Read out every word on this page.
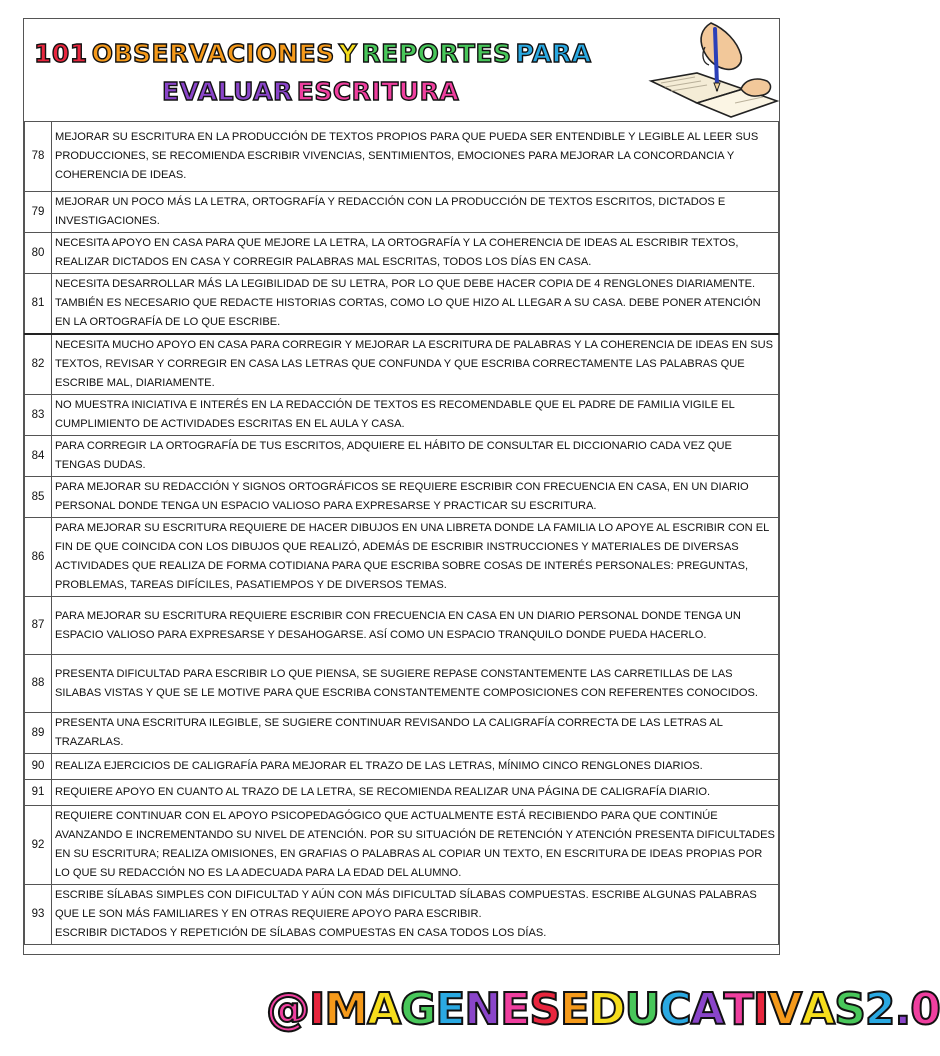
101 OBSERVACIONES Y REPORTES PARA
EVALUAR ESCRITURA
78	MEJORAR SU ESCRITURA EN LA PRODUCCIÓN DE TEXTOS PROPIOS PARA QUE PUEDA SER ENTENDIBLE Y LEGIBLE AL LEER SUS PRODUCCIONES, SE RECOMIENDA ESCRIBIR VIVENCIAS, SENTIMIENTOS, EMOCIONES PARA MEJORAR LA CONCORDANCIA Y COHERENCIA DE IDEAS.
79	MEJORAR UN POCO MÁS LA LETRA, ORTOGRAFÍA Y REDACCIÓN CON LA PRODUCCIÓN DE TEXTOS ESCRITOS, DICTADOS E INVESTIGACIONES.
80	NECESITA APOYO EN CASA PARA QUE MEJORE LA LETRA, LA ORTOGRAFÍA Y LA COHERENCIA DE IDEAS AL ESCRIBIR TEXTOS, REALIZAR DICTADOS EN CASA Y CORREGIR PALABRAS MAL ESCRITAS, TODOS LOS DÍAS EN CASA.
81	NECESITA DESARROLLAR MÁS LA LEGIBILIDAD DE SU LETRA, POR LO QUE DEBE HACER COPIA DE 4 RENGLONES DIARIAMENTE. TAMBIÉN ES NECESARIO QUE REDACTE HISTORIAS CORTAS, COMO LO QUE HIZO AL LLEGAR A SU CASA. DEBE PONER ATENCIÓN EN LA ORTOGRAFÍA DE LO QUE ESCRIBE.
82	NECESITA MUCHO APOYO EN CASA PARA CORREGIR Y MEJORAR LA ESCRITURA DE PALABRAS Y LA COHERENCIA DE IDEAS EN SUS TEXTOS, REVISAR Y CORREGIR EN CASA LAS LETRAS QUE CONFUNDA Y QUE ESCRIBA CORRECTAMENTE LAS PALABRAS QUE ESCRIBE MAL, DIARIAMENTE.
83	NO MUESTRA INICIATIVA E INTERÉS EN LA REDACCIÓN DE TEXTOS ES RECOMENDABLE QUE EL PADRE DE FAMILIA VIGILE EL CUMPLIMIENTO DE ACTIVIDADES ESCRITAS EN EL AULA Y CASA.
84	PARA CORREGIR LA ORTOGRAFÍA DE TUS ESCRITOS, ADQUIERE EL HÁBITO DE CONSULTAR EL DICCIONARIO CADA VEZ QUE TENGAS DUDAS.
85	PARA MEJORAR SU REDACCIÓN Y SIGNOS ORTOGRÁFICOS SE REQUIERE ESCRIBIR CON FRECUENCIA EN CASA, EN UN DIARIO PERSONAL DONDE TENGA UN ESPACIO VALIOSO PARA EXPRESARSE Y PRACTICAR SU ESCRITURA.
86	PARA MEJORAR SU ESCRITURA REQUIERE DE HACER DIBUJOS EN UNA LIBRETA DONDE LA FAMILIA LO APOYE AL ESCRIBIR CON EL FIN DE QUE COINCIDA CON LOS DIBUJOS QUE REALIZÓ, ADEMÁS DE ESCRIBIR INSTRUCCIONES Y MATERIALES DE DIVERSAS ACTIVIDADES QUE REALIZA DE FORMA COTIDIANA PARA QUE ESCRIBA SOBRE COSAS DE INTERÉS PERSONALES: PREGUNTAS, PROBLEMAS, TAREAS DIFÍCILES, PASATIEMPOS Y DE DIVERSOS TEMAS.
87	PARA MEJORAR SU ESCRITURA REQUIERE ESCRIBIR CON FRECUENCIA EN CASA EN UN DIARIO PERSONAL DONDE TENGA UN ESPACIO VALIOSO PARA EXPRESARSE Y DESAHOGARSE. ASÍ COMO UN ESPACIO TRANQUILO DONDE PUEDA HACERLO.
88	PRESENTA DIFICULTAD PARA ESCRIBIR LO QUE PIENSA, SE SUGIERE REPASE CONSTANTEMENTE LAS CARRETILLAS DE LAS SILABAS VISTAS Y QUE SE LE MOTIVE PARA QUE ESCRIBA CONSTANTEMENTE COMPOSICIONES CON REFERENTES CONOCIDOS.
89	PRESENTA UNA ESCRITURA ILEGIBLE, SE SUGIERE CONTINUAR REVISANDO LA CALIGRAFÍA CORRECTA DE LAS LETRAS AL TRAZARLAS.
90	REALIZA EJERCICIOS DE CALIGRAFÍA PARA MEJORAR EL TRAZO DE LAS LETRAS, MÍNIMO CINCO RENGLONES DIARIOS.
91	REQUIERE APOYO EN CUANTO AL TRAZO DE LA LETRA, SE RECOMIENDA REALIZAR UNA PÁGINA DE CALIGRAFÍA DIARIO.
92	REQUIERE CONTINUAR CON EL APOYO PSICOPEDAGÓGICO QUE ACTUALMENTE ESTÁ RECIBIENDO PARA QUE CONTINÚE AVANZANDO E INCREMENTANDO SU NIVEL DE ATENCIÓN. POR SU SITUACIÓN DE RETENCIÓN Y ATENCIÓN PRESENTA DIFICULTADES EN SU ESCRITURA; REALIZA OMISIONES, EN GRAFIAS O PALABRAS AL COPIAR UN TEXTO, EN ESCRITURA DE IDEAS PROPIAS POR LO QUE SU REDACCIÓN NO ES LA ADECUADA PARA LA EDAD DEL ALUMNO.
93	ESCRIBE SÍLABAS SIMPLES CON DIFICULTAD Y AÚN CON MÁS DIFICULTAD SÍLABAS COMPUESTAS. ESCRIBE ALGUNAS PALABRAS QUE LE SON MÁS FAMILIARES Y EN OTRAS REQUIERE APOYO PARA ESCRIBIR.
ESCRIBIR DICTADOS Y REPETICIÓN DE SÍLABAS COMPUESTAS EN CASA TODOS LOS DÍAS.
@IMAGENESEDUCATIVAS2.0
